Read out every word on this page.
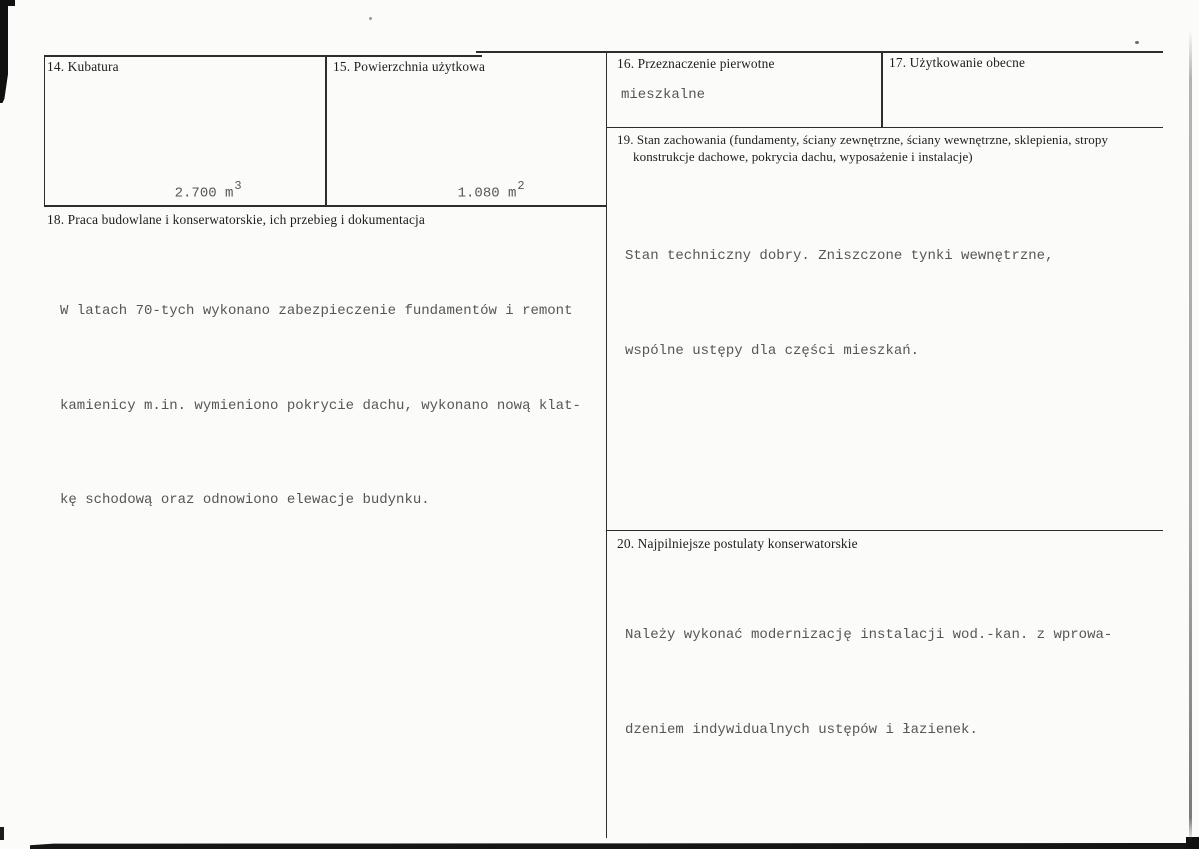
14. Kubatura

2.700 $m^3$

15. Powierzchnia użytkowa

1.080 $m^2$

16. Przeznaczenie pierwotne
mieszkalne
17. Użytkowanie obecne
19. Stan zachowania (fundamenty, ściany zewnętrzne, ściany wewnętrzne, sklepienia, stropy
konstrukcje dachowe, pokrycia dachu, wyposażenie i instalacje)

Stan techniczny dobry. Zniszczone tynki wewnętrzne,

wspólne ustępy dla części mieszkań.

18. Praca budowlane i konserwatorskie, ich przebieg i dokumentacja

W latach 70-tych wykonano zabezpieczenie fundamentów i remont

kamienicy m.in. wymieniono pokrycie dachu, wykonano nową klat-

kę schodową oraz odnowiono elewacje budynku.

20. Najpilniejsze postulaty konserwatorskie

Należy wykonać modernizację instalacji wod.-kan. z wprowa-

dzeniem indywidualnych ustępów i łazienek.
